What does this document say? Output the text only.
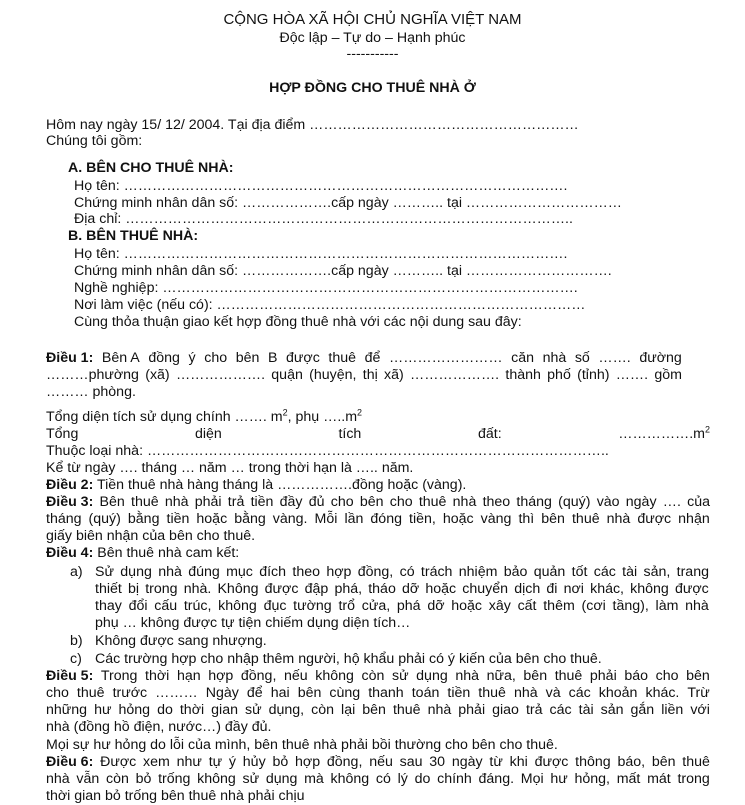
CỘNG HÒA XÃ HỘI CHỦ NGHĨA VIỆT NAM
Độc lập – Tự do – Hạnh phúc
-----------
HỢP ĐỒNG CHO THUÊ NHÀ Ở
Hôm nay ngày 15/ 12/ 2004. Tại địa điểm …………………………………………………
Chúng tôi gồm:
A. BÊN CHO THUÊ NHÀ:
Họ tên: ………………………………………………………………………………….
Chứng minh nhân dân số: ……………….cấp ngày ……….. tại ……………………………
Địa chỉ: …………………………………………………………………………………..
B. BÊN THUÊ NHÀ:
Họ tên: ………………………………………………………………………………….
Chứng minh nhân dân số: ……………….cấp ngày ……….. tại ………………………….
Nghề nghiệp: …………………………………………………………………………….
Nơi làm việc (nếu có): ……………………………………………………………………
Cùng thỏa thuận giao kết hợp đồng thuê nhà với các nội dung sau đây:
Điều 1: Bên A đồng ý cho bên B được thuê để …………………… căn nhà số ……. đường
………phường (xã) ………………. quận (huyện, thị xã) ………………. thành phố (tỉnh) ……. gồm
……… phòng.
Tổng diện tích sử dụng chính ……. $m^2$, phụ $\dots..m^2$
Tổng	diện	tích	đất:	$\dots\dots\dots\dots\dots.m^2$
Thuộc loại nhà: ……………………………………………………………………………………..
Kể từ ngày …. tháng … năm … trong thời hạn là ….. năm.
Điều 2: Tiền thuê nhà hàng tháng là …………….đồng hoặc (vàng).
Điều 3: Bên thuê nhà phải trả tiền đầy đủ cho bên cho thuê nhà theo tháng (quý) vào ngày …. của
tháng (quý) bằng tiền hoặc bằng vàng. Mỗi lần đóng tiền, hoặc vàng thì bên thuê nhà được nhận
giấy biên nhận của bên cho thuê.
Điều 4: Bên thuê nhà cam kết:
a) Sử dụng nhà đúng mục đích theo hợp đồng, có trách nhiệm bảo quản tốt các tài sản, trang
thiết bị trong nhà. Không được đập phá, tháo dỡ hoặc chuyển dịch đi nơi khác, không được
thay đổi cấu trúc, không đục tường trổ cửa, phá dỡ hoặc xây cất thêm (cơi tầng), làm nhà
phụ … không được tự tiện chiếm dụng diện tích…
b) Không được sang nhượng.
c) Các trường hợp cho nhập thêm người, hộ khẩu phải có ý kiến của bên cho thuê.
Điều 5: Trong thời hạn hợp đồng, nếu không còn sử dụng nhà nữa, bên thuê phải báo cho bên
cho thuê trước ……… Ngày để hai bên cùng thanh toán tiền thuê nhà và các khoản khác. Trừ
những hư hỏng do thời gian sử dụng, còn lại bên thuê nhà phải giao trả các tài sản gắn liền với
nhà (đồng hồ điện, nước…) đầy đủ.
Mọi sự hư hỏng do lỗi của mình, bên thuê nhà phải bồi thường cho bên cho thuê.
Điều 6: Được xem như tự ý hủy bỏ hợp đồng, nếu sau 30 ngày từ khi được thông báo, bên thuê
nhà vẫn còn bỏ trống không sử dụng mà không có lý do chính đáng. Mọi hư hỏng, mất mát trong
thời gian bỏ trống bên thuê nhà phải chịu
